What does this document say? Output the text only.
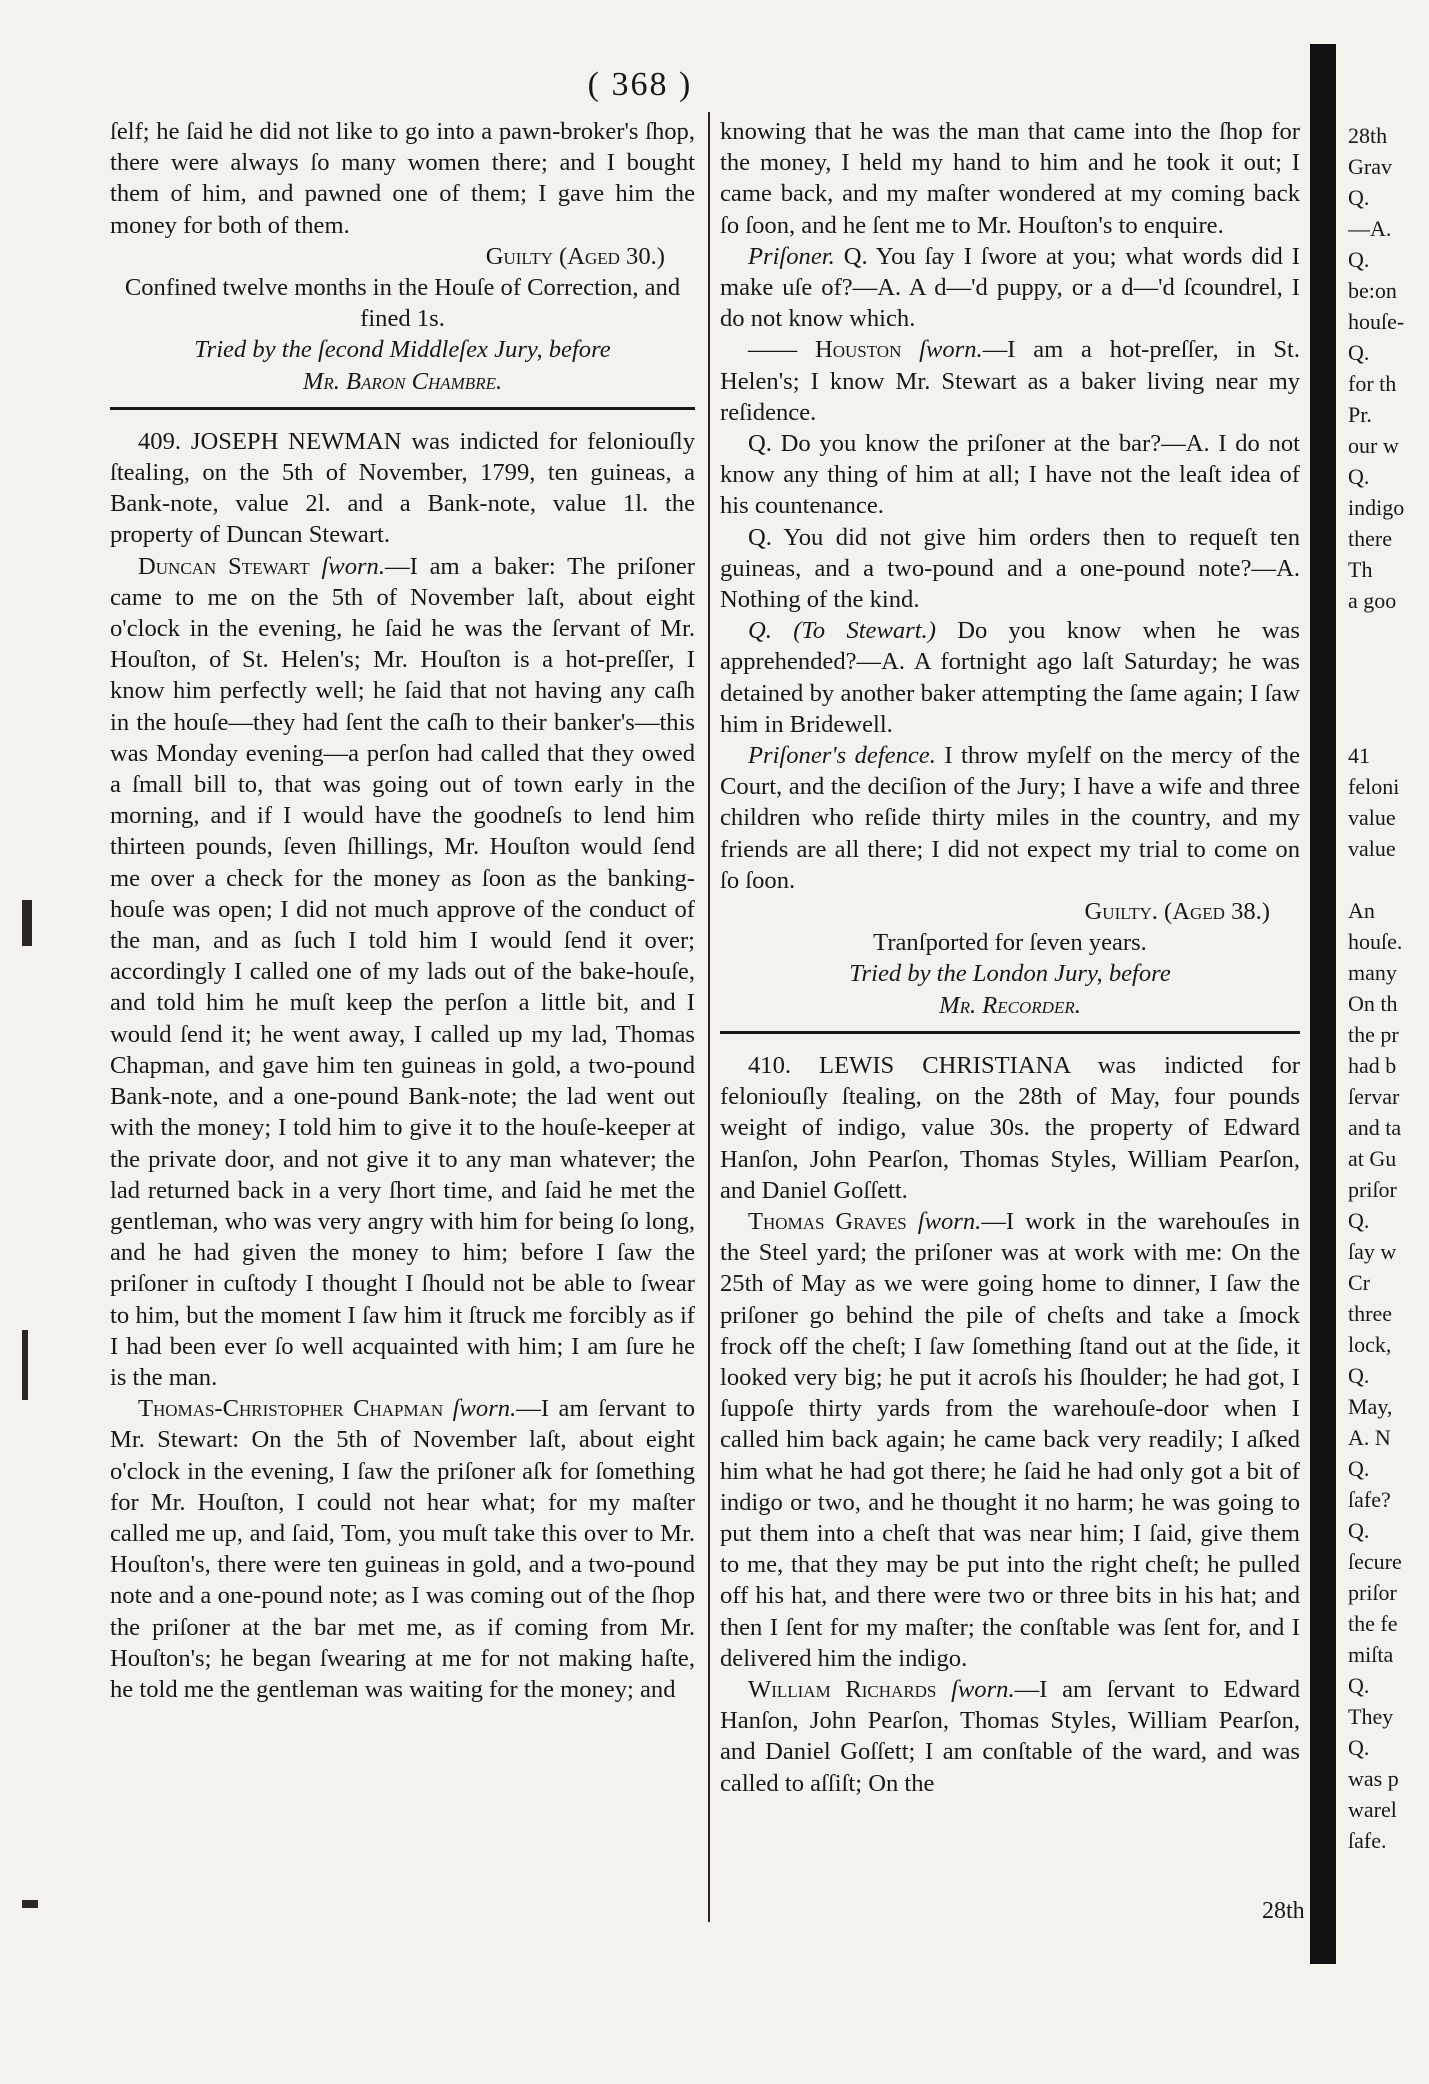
( 368 )

ſelf; he ſaid he did not like to go into a pawn-broker's ſhop, there were always ſo many women there; and I bought them of him, and pawned one of them; I gave him the money for both of them.

Guilty (Aged 30.)

Confined twelve months in the Houſe of Correction, and fined 1s.

Tried by the ſecond Middleſex Jury, before

Mr. Baron Chambre.

409. JOSEPH NEWMAN was indicted for feloniouſly ſtealing, on the 5th of November, 1799, ten guineas, a Bank-note, value 2l. and a Bank-note, value 1l. the property of Duncan Stewart.

Duncan Stewart ſworn.—I am a baker: The priſoner came to me on the 5th of November laſt, about eight o'clock in the evening, he ſaid he was the ſervant of Mr. Houſton, of St. Helen's; Mr. Houſton is a hot-preſſer, I know him perfectly well; he ſaid that not having any caſh in the houſe—they had ſent the caſh to their banker's—this was Monday evening—a perſon had called that they owed a ſmall bill to, that was going out of town early in the morning, and if I would have the goodneſs to lend him thirteen pounds, ſeven ſhillings, Mr. Houſton would ſend me over a check for the money as ſoon as the banking-houſe was open; I did not much approve of the conduct of the man, and as ſuch I told him I would ſend it over; accordingly I called one of my lads out of the bake-houſe, and told him he muſt keep the perſon a little bit, and I would ſend it; he went away, I called up my lad, Thomas Chapman, and gave him ten guineas in gold, a two-pound Bank-note, and a one-pound Bank-note; the lad went out with the money; I told him to give it to the houſe-keeper at the private door, and not give it to any man whatever; the lad returned back in a very ſhort time, and ſaid he met the gentleman, who was very angry with him for being ſo long, and he had given the money to him; before I ſaw the priſoner in cuſtody I thought I ſhould not be able to ſwear to him, but the moment I ſaw him it ſtruck me forcibly as if I had been ever ſo well acquainted with him; I am ſure he is the man.

Thomas-Christopher Chapman ſworn.—I am ſervant to Mr. Stewart: On the 5th of November laſt, about eight o'clock in the evening, I ſaw the priſoner aſk for ſomething for Mr. Houſton, I could not hear what; for my maſter called me up, and ſaid, Tom, you muſt take this over to Mr. Houſton's, there were ten guineas in gold, and a two-pound note and a one-pound note; as I was coming out of the ſhop the priſoner at the bar met me, as if coming from Mr. Houſton's; he began ſwearing at me for not making haſte, he told me the gentleman was waiting for the money; and

knowing that he was the man that came into the ſhop for the money, I held my hand to him and he took it out; I came back, and my maſter wondered at my coming back ſo ſoon, and he ſent me to Mr. Houſton's to enquire.

Priſoner. Q. You ſay I ſwore at you; what words did I make uſe of?—A. A d—'d puppy, or a d—'d ſcoundrel, I do not know which.

—— Houston ſworn.—I am a hot-preſſer, in St. Helen's; I know Mr. Stewart as a baker living near my reſidence.

Q. Do you know the priſoner at the bar?—A. I do not know any thing of him at all; I have not the leaſt idea of his countenance.

Q. You did not give him orders then to requeſt ten guineas, and a two-pound and a one-pound note?—A. Nothing of the kind.

Q. (To Stewart.) Do you know when he was apprehended?—A. A fortnight ago laſt Saturday; he was detained by another baker attempting the ſame again; I ſaw him in Bridewell.

Priſoner's defence. I throw myſelf on the mercy of the Court, and the deciſion of the Jury; I have a wife and three children who reſide thirty miles in the country, and my friends are all there; I did not expect my trial to come on ſo ſoon.

Guilty. (Aged 38.)

Tranſported for ſeven years.

Tried by the London Jury, before

Mr. Recorder.

410. LEWIS CHRISTIANA was indicted for feloniouſly ſtealing, on the 28th of May, four pounds weight of indigo, value 30s. the property of Edward Hanſon, John Pearſon, Thomas Styles, William Pearſon, and Daniel Goſſett.

Thomas Graves ſworn.—I work in the warehouſes in the Steel yard; the priſoner was at work with me: On the 25th of May as we were going home to dinner, I ſaw the priſoner go behind the pile of cheſts and take a ſmock frock off the cheſt; I ſaw ſomething ſtand out at the ſide, it looked very big; he put it acroſs his ſhoulder; he had got, I ſuppoſe thirty yards from the warehouſe-door when I called him back again; he came back very readily; I aſked him what he had got there; he ſaid he had only got a bit of indigo or two, and he thought it no harm; he was going to put them into a cheſt that was near him; I ſaid, give them to me, that they may be put into the right cheſt; he pulled off his hat, and there were two or three bits in his hat; and then I ſent for my maſter; the conſtable was ſent for, and I delivered him the indigo.

William Richards ſworn.—I am ſervant to Edward Hanſon, John Pearſon, Thomas Styles, William Pearſon, and Daniel Goſſett; I am conſtable of the ward, and was called to aſſiſt; On the

28th
28th
Grav
Q.
—A.
Q.
be:on
houſe-
Q.
for th
Pr.
our w
Q.
indigo
there
Th
a goo

41
feloni
value
value

An
houſe.
many
On th
the pr
had b
ſervar
and ta
at Gu
priſor
Q.
ſay w
Cr
three
lock,
Q.
May,
A. N
Q.
ſafe?
Q.
ſecure
priſor
the fe
miſta
Q.
They
Q.
was p
warel
ſafe.
